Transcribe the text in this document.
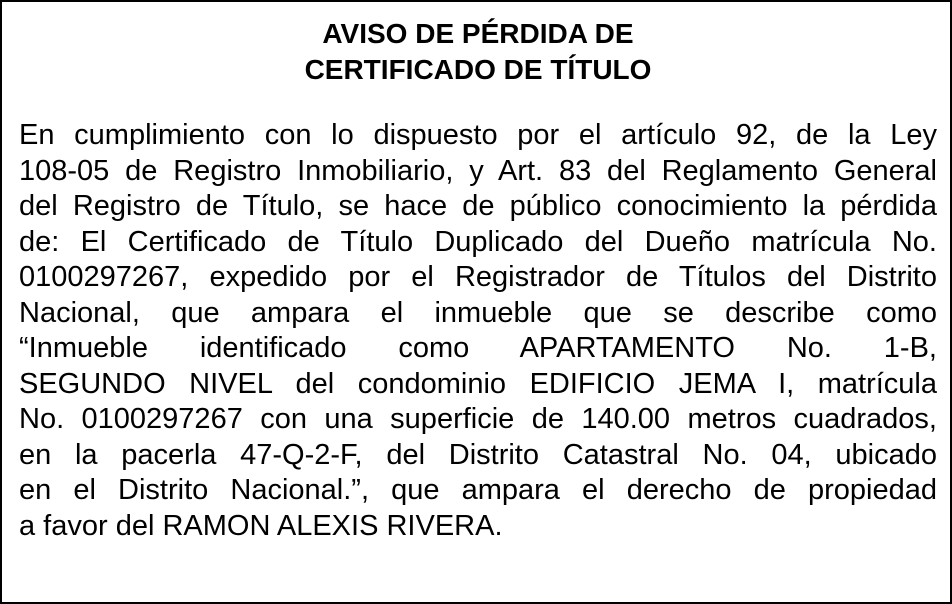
AVISO DE PÉRDIDA DE
CERTIFICADO DE TÍTULO
En cumplimiento con lo dispuesto por el artículo 92, de la Ley
108-05 de Registro Inmobiliario, y Art. 83 del Reglamento General
del Registro de Título, se hace de público conocimiento la pérdida
de: El Certificado de Título Duplicado del Dueño matrícula No.
0100297267, expedido por el Registrador de Títulos del Distrito
Nacional, que ampara el inmueble que se describe como
“Inmueble identificado como APARTAMENTO No. 1-B,
SEGUNDO NIVEL del condominio EDIFICIO JEMA I, matrícula
No. 0100297267 con una superficie de 140.00 metros cuadrados,
en la pacerla 47-Q-2-F, del Distrito Catastral No. 04, ubicado
en el Distrito Nacional.”, que ampara el derecho de propiedad
a favor del RAMON ALEXIS RIVERA.
